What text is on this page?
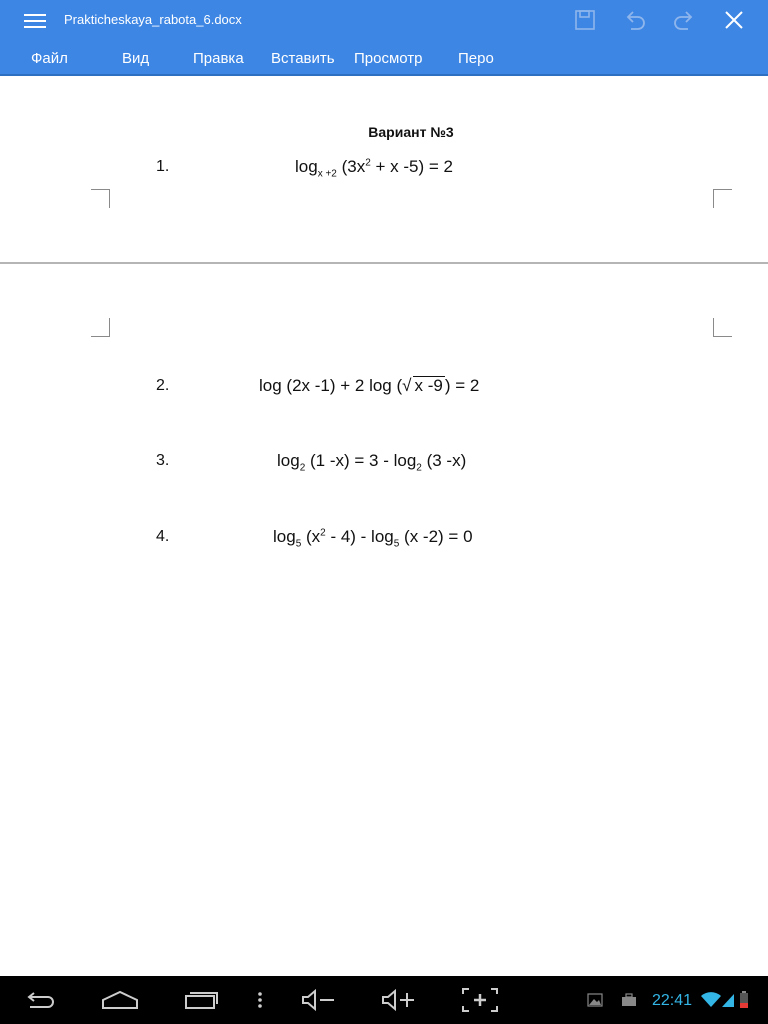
Prakticheskaya_rabota_6.docx
Файл	Вид	Правка Вставить Просмотр Перо
Вариант №3
1.	$\log_{x +2} (3x^2 + x$ -5) = 2
2.	log (2x -1) + 2 log (√ x -9 ) = 2
3.	$\log_2 (1$ $-x) = 3 - \log_2 (3$ -x)
4.	$\log_5 (x^2 - 4) - \log_5 (x$ -2) = 0
22:41
